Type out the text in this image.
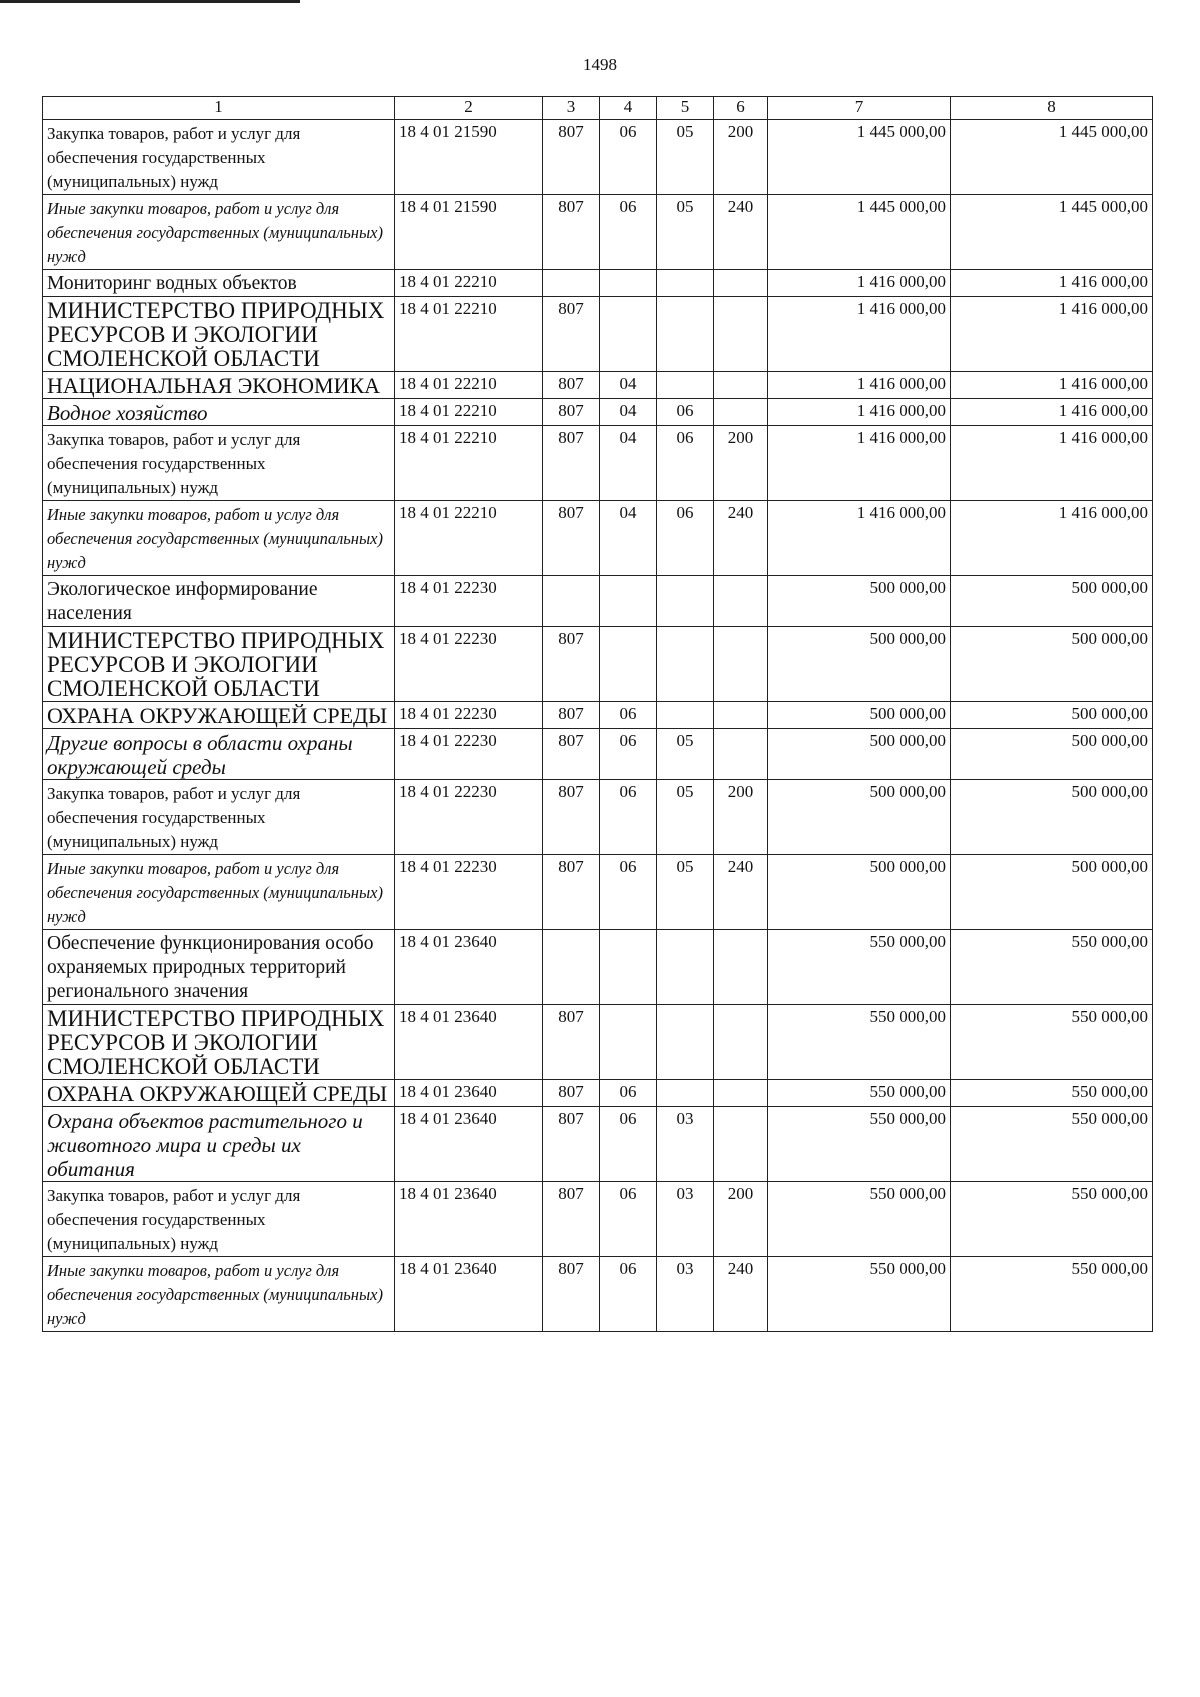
1498
1	2	3	4	5	6	7	8
Закупка товаров, работ и услуг для обеспечения государственных (муниципальных) нужд	18 4 01 21590	807	06	05	200	1 445 000,00	1 445 000,00
Иные закупки товаров, работ и услуг для обеспечения государственных (муниципальных) нужд	18 4 01 21590	807	06	05	240	1 445 000,00	1 445 000,00
Мониторинг водных объектов	18 4 01 22210					1 416 000,00	1 416 000,00
МИНИСТЕРСТВО ПРИРОДНЫХ РЕСУРСОВ И ЭКОЛОГИИ СМОЛЕНСКОЙ ОБЛАСТИ	18 4 01 22210	807				1 416 000,00	1 416 000,00
НАЦИОНАЛЬНАЯ ЭКОНОМИКА	18 4 01 22210	807	04			1 416 000,00	1 416 000,00
Водное хозяйство	18 4 01 22210	807	04	06		1 416 000,00	1 416 000,00
Закупка товаров, работ и услуг для обеспечения государственных (муниципальных) нужд	18 4 01 22210	807	04	06	200	1 416 000,00	1 416 000,00
Иные закупки товаров, работ и услуг для обеспечения государственных (муниципальных) нужд	18 4 01 22210	807	04	06	240	1 416 000,00	1 416 000,00
Экологическое информирование населения	18 4 01 22230					500 000,00	500 000,00
МИНИСТЕРСТВО ПРИРОДНЫХ РЕСУРСОВ И ЭКОЛОГИИ СМОЛЕНСКОЙ ОБЛАСТИ	18 4 01 22230	807				500 000,00	500 000,00
ОХРАНА ОКРУЖАЮЩЕЙ СРЕДЫ	18 4 01 22230	807	06			500 000,00	500 000,00
Другие вопросы в области охраны окружающей среды	18 4 01 22230	807	06	05		500 000,00	500 000,00
Закупка товаров, работ и услуг для обеспечения государственных (муниципальных) нужд	18 4 01 22230	807	06	05	200	500 000,00	500 000,00
Иные закупки товаров, работ и услуг для обеспечения государственных (муниципальных) нужд	18 4 01 22230	807	06	05	240	500 000,00	500 000,00
Обеспечение функционирования особо охраняемых природных территорий регионального значения	18 4 01 23640					550 000,00	550 000,00
МИНИСТЕРСТВО ПРИРОДНЫХ РЕСУРСОВ И ЭКОЛОГИИ СМОЛЕНСКОЙ ОБЛАСТИ	18 4 01 23640	807				550 000,00	550 000,00
ОХРАНА ОКРУЖАЮЩЕЙ СРЕДЫ	18 4 01 23640	807	06			550 000,00	550 000,00
Охрана объектов растительного и животного мира и среды их обитания	18 4 01 23640	807	06	03		550 000,00	550 000,00
Закупка товаров, работ и услуг для обеспечения государственных (муниципальных) нужд	18 4 01 23640	807	06	03	200	550 000,00	550 000,00
Иные закупки товаров, работ и услуг для обеспечения государственных (муниципальных) нужд	18 4 01 23640	807	06	03	240	550 000,00	550 000,00
